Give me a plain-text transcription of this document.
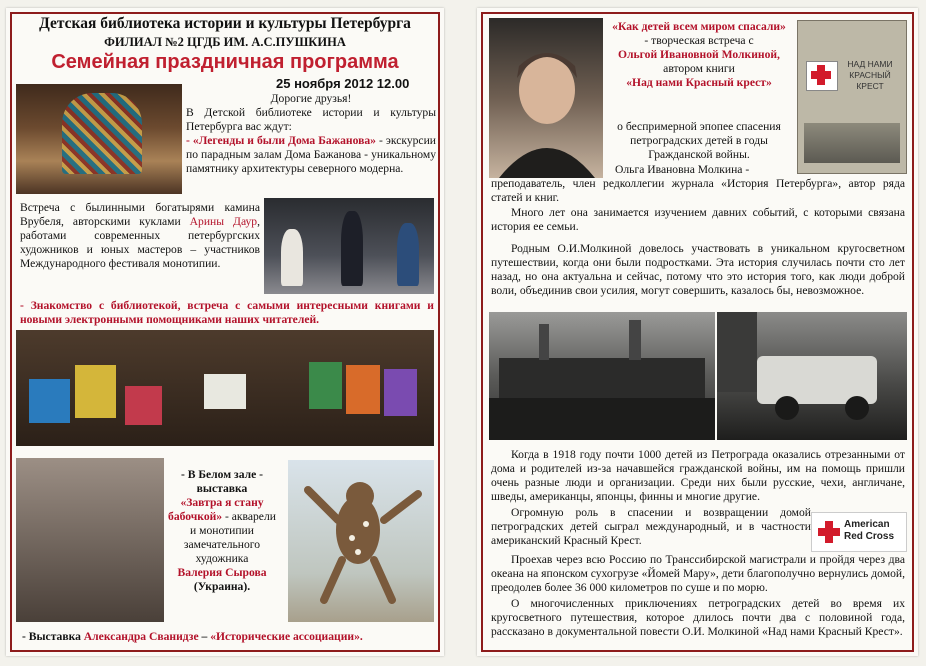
Детская библиотека истории и культуры Петербурга
ФИЛИАЛ №2 ЦГДБ ИМ. А.С.ПУШКИНА
Семейная праздничная программа
25 ноября 2012 12.00
Дорогие друзья!
В Детской библиотеке истории и культуры Петербурга вас ждут:
- «Легенды и были Дома Бажанова» - экскурсии по парадным залам Дома Бажанова - уникальному памятнику архитектуры северного модерна.
Встреча с былинными богатырями камина Врубеля, авторскими куклами Арины Даур, работами современных петербургских художников и юных мастеров – участников Международного фестиваля монотипии.
- Знакомство с библиотекой, встреча с самыми интересными книгами и новыми электронными помощниками наших читателей.
- В Белом зале - выставка
«Завтра я стану бабочкой» - акварели и монотипии замечательного художника
Валерия Сырова
(Украина).
- Выставка Александра Сванидзе – «Исторические ассоциации».
«Как детей всем миром спасали»
- творческая встреча с
Ольгой Ивановной Молкиной,
автором книги
«Над нами Красный крест»
о беспримерной эпопее спасения петроградских детей в годы Гражданской войны.
Ольга Ивановна Молкина -
НАД НАМИ КРАСНЫЙ КРЕСТ
преподаватель, член редколлегии журнала «История Петербурга», автор ряда статей и книг.
Много лет она занимается изучением давних событий, с которыми связана история ее семьи.
Родным О.И.Молкиной довелось участвовать в уникальном кругосветном путешествии, когда они были подростками. Эта история случилась почти сто лет назад, но она актуальна и сейчас, потому что это история того, как люди доброй воли, объединив свои усилия, могут совершить, казалось бы, невозможное.
Когда в 1918 году почти 1000 детей из Петрограда оказались отрезанными от дома и родителей из-за начавшейся гражданской войны, им на помощь пришли очень разные люди и организации. Среди них были русские, чехи, англичане, шведы, американцы, японцы, финны и многие другие.
Огромную роль в спасении и возвращении домой петроградских детей сыграл международный, и в частности американский Красный Крест.
American Red Cross
Проехав через всю Россию по Транссибирской магистрали и пройдя через два океана на японском сухогрузе «Йомей Мару», дети благополучно вернулись домой, преодолев более 36 000 километров по суше и по морю.
О многочисленных приключениях петроградских детей во время их кругосветного путешествия, которое длилось почти два с половиной года, рассказано в документальной повести О.И. Молкиной «Над нами Красный Крест».
